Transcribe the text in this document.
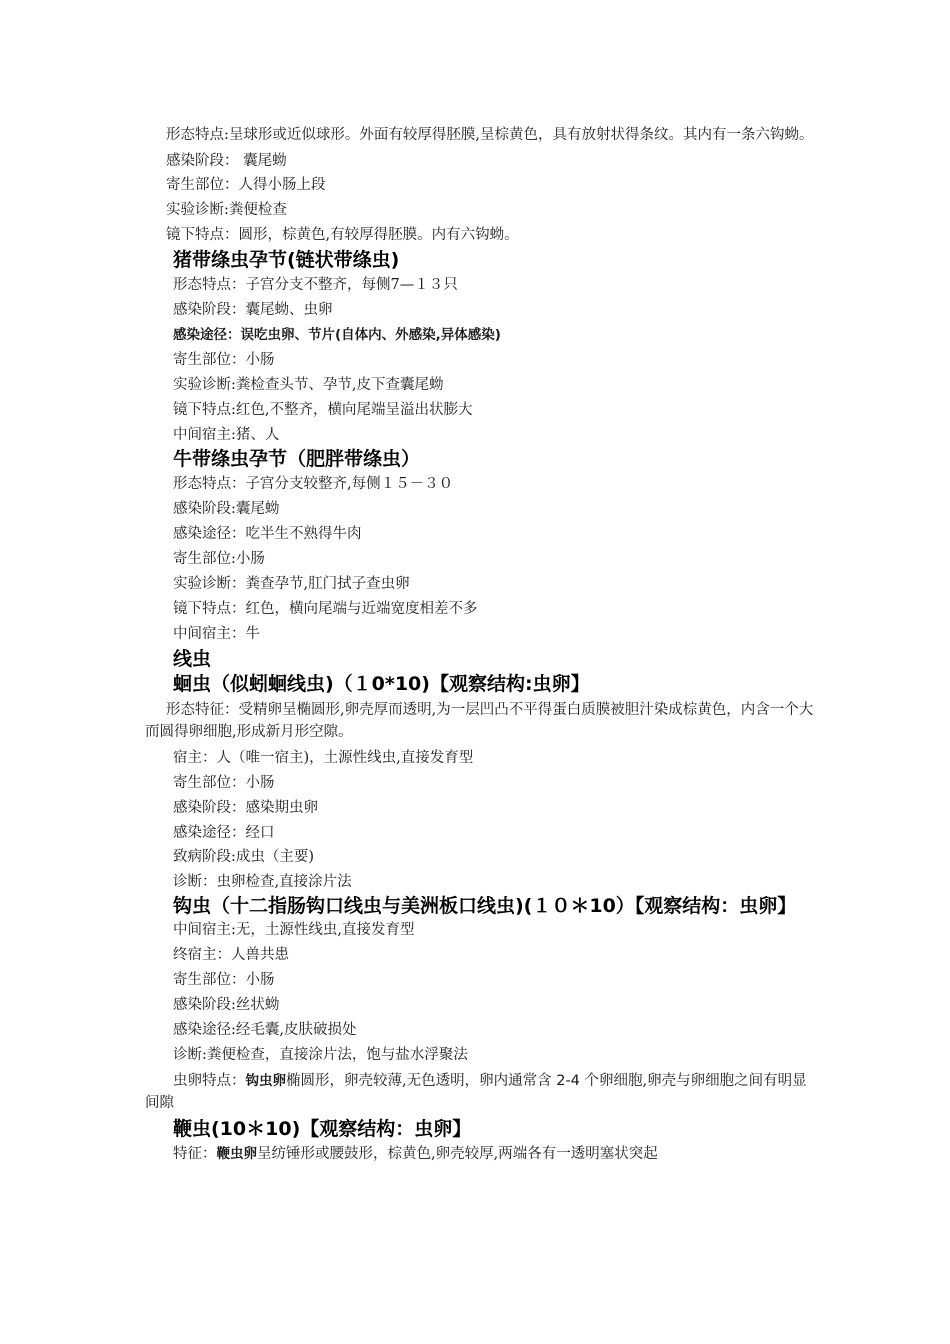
形态特点:呈球形或近似球形。外面有较厚得胚膜,呈棕黄色，具有放射状得条纹。其内有一条六钩蚴。
感染阶段： 囊尾蚴
寄生部位：人得小肠上段
实验诊断:粪便检查
镜下特点：圆形，棕黄色,有较厚得胚膜。内有六钩蚴。
猪带绦虫孕节(链状带绦虫)
形态特点：子宫分支不整齐，每侧7—１３只
感染阶段：囊尾蚴、虫卵
感染途径：误吃虫卵、节片(自体内、外感染,异体感染)
寄生部位：小肠
实验诊断:粪检查头节、孕节,皮下查囊尾蚴
镜下特点:红色,不整齐，横向尾端呈溢出状膨大
中间宿主:猪、人
牛带绦虫孕节（肥胖带绦虫）
形态特点：子宫分支较整齐,每侧１５－３０
感染阶段:囊尾蚴
感染途径：吃半生不熟得牛肉
寄生部位:小肠
实验诊断：粪查孕节,肛门拭子查虫卵
镜下特点：红色，横向尾端与近端宽度相差不多
中间宿主：牛
线虫
蛔虫（似蚓蛔线虫)（１0*10)【观察结构:虫卵】
形态特征：受精卵呈椭圆形,卵壳厚而透明,为一层凹凸不平得蛋白质膜被胆汁染成棕黄色，内含一个大而圆得卵细胞,形成新月形空隙。
宿主：人（唯一宿主)，土源性线虫,直接发育型
寄生部位：小肠
感染阶段：感染期虫卵
感染途径：经口
致病阶段:成虫（主要)
诊断：虫卵检查,直接涂片法
钩虫（十二指肠钩口线虫与美洲板口线虫)(１０＊10）【观察结构：虫卵】
中间宿主:无，土源性线虫,直接发育型
终宿主：人兽共患
寄生部位：小肠
感染阶段:丝状蚴
感染途径:经毛囊,皮肤破损处
诊断:粪便检查，直接涂片法，饱与盐水浮聚法
虫卵特点：钩虫卵椭圆形，卵壳较薄,无色透明，卵内通常含 2-4 个卵细胞,卵壳与卵细胞之间有明显间隙
鞭虫(10＊10)【观察结构：虫卵】
特征：鞭虫卵呈纺锤形或腰鼓形，棕黄色,卵壳较厚,两端各有一透明塞状突起
